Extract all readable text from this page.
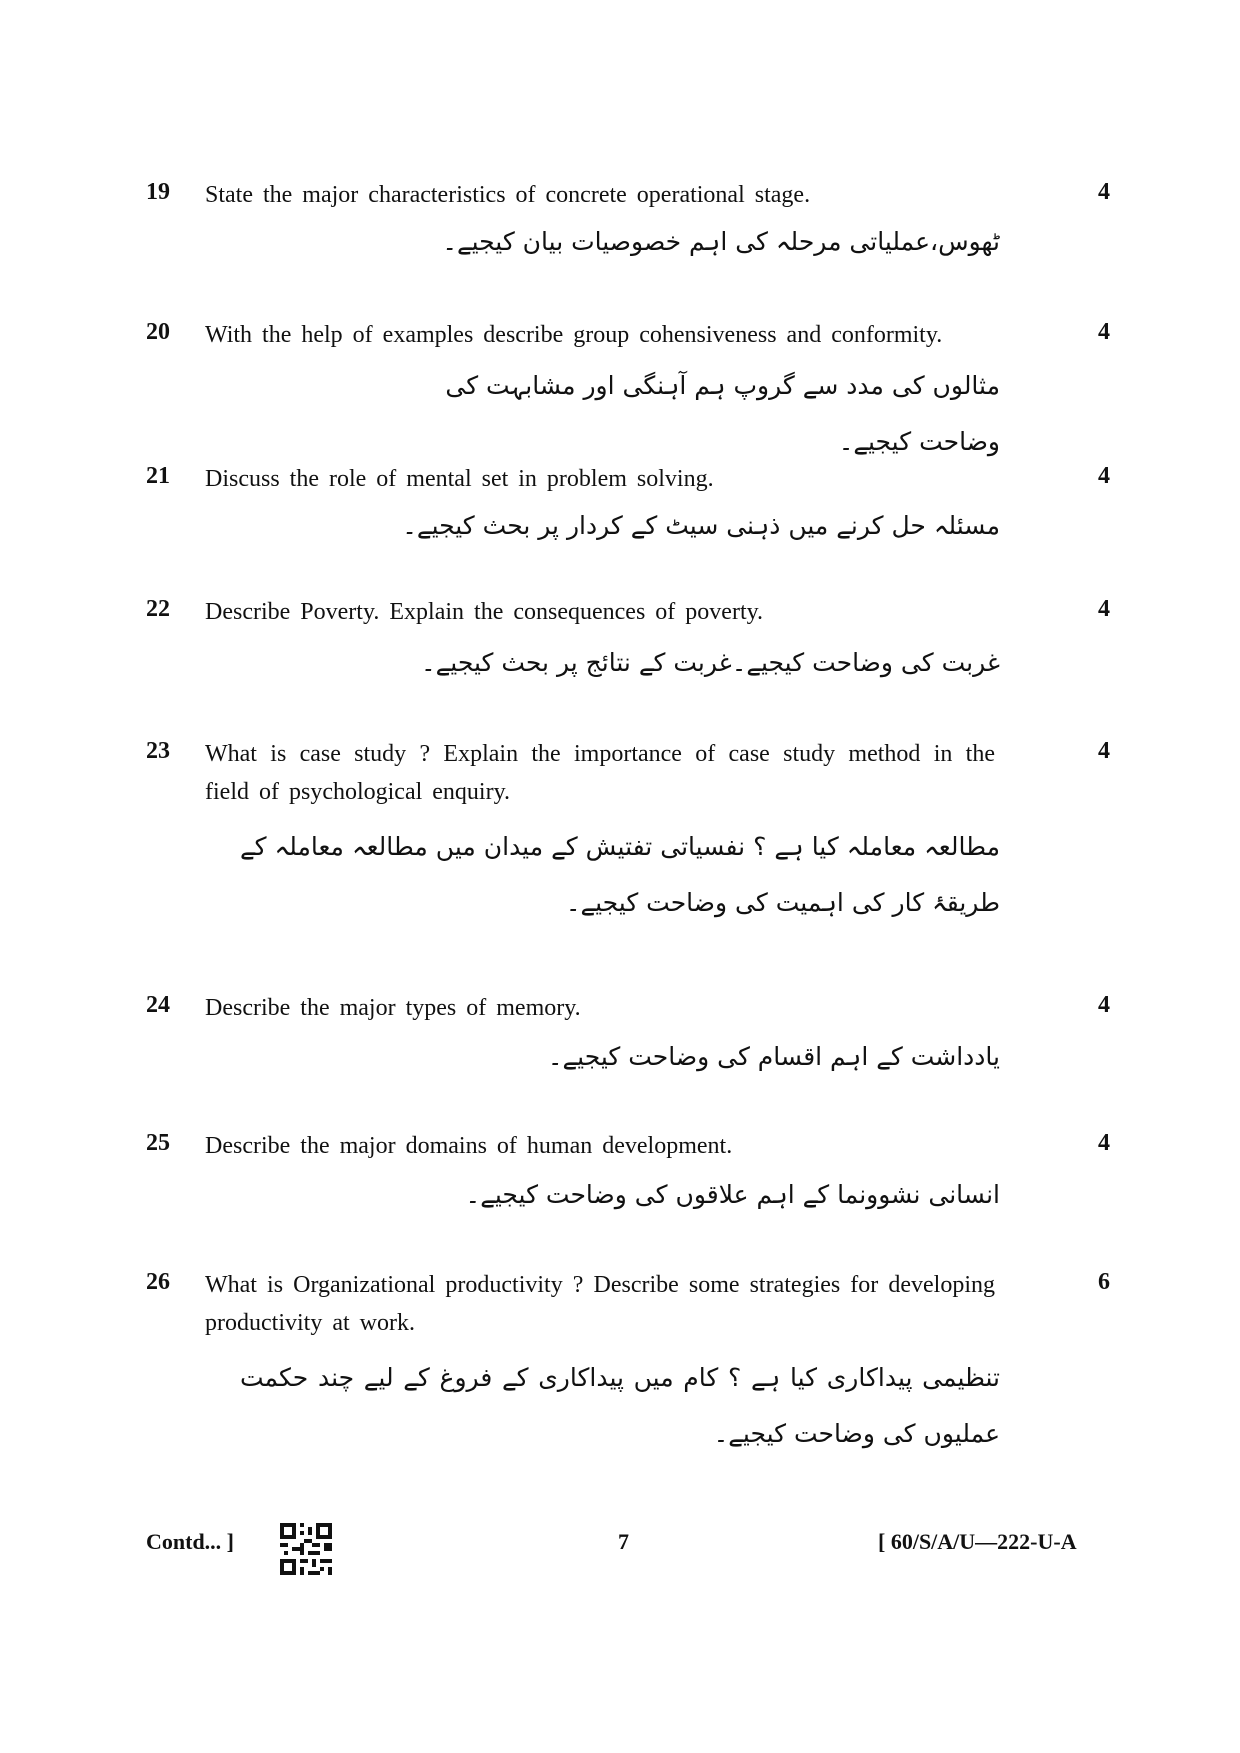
19 State the major characteristics of concrete operational stage.	4
ٹھوس،عملیاتی مرحلہ کی اہم خصوصیات بیان کیجیے۔
20 With the help of examples describe group cohensiveness and conformity.	4
مثالوں کی مدد سے گروپ ہم آہنگی اور مشابہت کی وضاحت کیجیے۔
21 Discuss the role of mental set in problem solving.	4
مسئلہ حل کرنے میں ذہنی سیٹ کے کردار پر بحث کیجیے۔
22 Describe Poverty. Explain the consequences of poverty.	4
غربت کی وضاحت کیجیے۔غربت کے نتائج پر بحث کیجیے۔
23 What is case study ? Explain the importance of case study method in the field of psychological enquiry.
4
مطالعہ معاملہ کیا ہے ؟ نفسیاتی تفتیش کے میدان میں مطالعہ معاملہ کے طریقۂ کار کی اہمیت کی وضاحت کیجیے۔
24 Describe the major types of memory.	4
یادداشت کے اہم اقسام کی وضاحت کیجیے۔
25 Describe the major domains of human development.	4
انسانی نشوونما کے اہم علاقوں کی وضاحت کیجیے۔
26 What is Organizational productivity ? Describe some strategies for developing productivity at work.
6
تنظیمی پیداکاری کیا ہے ؟ کام میں پیداکاری کے فروغ کے لیے چند حکمت عملیوں کی وضاحت کیجیے۔
Contd... ]	7	[ 60/S/A/U—222-U-A
